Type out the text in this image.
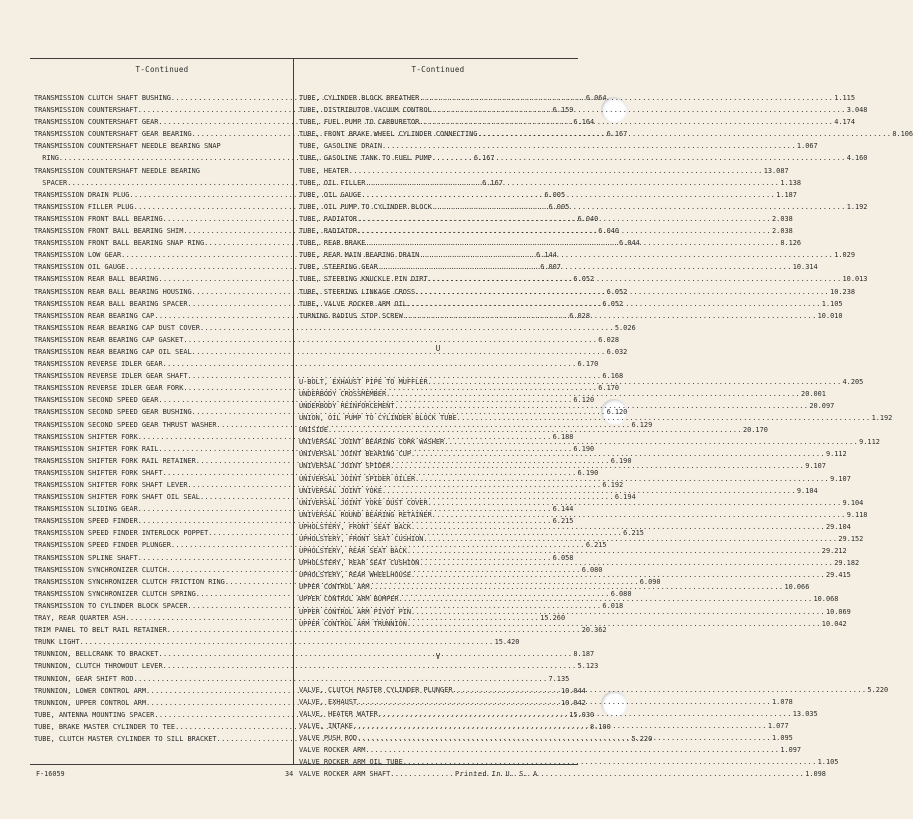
T-Continued
TRANSMISSION CLUTCH SHAFT BUSHING .....	6.064
TRANSMISSION COUNTERSHAFT .....	6.159
TRANSMISSION COUNTERSHAFT GEAR .....	6.164
TRANSMISSION COUNTERSHAFT GEAR BEARING .....	6.167
TRANSMISSION COUNTERSHAFT NEEDLE BEARING SNAP
RING .....	6.167
TRANSMISSION COUNTERSHAFT NEEDLE BEARING
SPACER .....	6.167
TRANSMISSION DRAIN PLUG .....	6.005
TRANSMISSION FILLER PLUG .....	6.005
TRANSMISSION FRONT BALL BEARING .....	6.040
TRANSMISSION FRONT BALL BEARING SHIM .....	6.040
TRANSMISSION FRONT BALL BEARING SNAP RING .....	6.044
TRANSMISSION LOW GEAR .....	6.144
TRANSMISSION OIL GAUGE .....	6.007
TRANSMISSION REAR BALL BEARING .....	6.052
TRANSMISSION REAR BALL BEARING HOUSING .....	6.052
TRANSMISSION REAR BALL BEARING SPACER .....	6.052
TRANSMISSION REAR BEARING CAP .....	6.028
TRANSMISSION REAR BEARING CAP DUST COVER .....	5.026
TRANSMISSION REAR BEARING CAP GASKET .....	6.028
TRANSMISSION REAR BEARING CAP OIL SEAL .....	6.032
TRANSMISSION REVERSE IDLER GEAR .....	6.170
TRANSMISSION REVERSE IDLER GEAR SHAFT .....	6.168
TRANSMISSION REVERSE IDLER GEAR FORK .....	6.170
TRANSMISSION SECOND SPEED GEAR .....	6.120
TRANSMISSION SECOND SPEED GEAR BUSHING .....	6.120
TRANSMISSION SECOND SPEED GEAR THRUST WASHER .....	6.129
TRANSMISSION SHIFTER FORK .....	6.188
TRANSMISSION SHIFTER FORK RAIL .....	6.190
TRANSMISSION SHIFTER FORK RAIL RETAINER .....	6.190
TRANSMISSION SHIFTER FORK SHAFT .....	6.190
TRANSMISSION SHIFTER FORK SHAFT LEVER .....	6.192
TRANSMISSION SHIFTER FORK SHAFT OIL SEAL .....	6.194
TRANSMISSION SLIDING GEAR .....	6.144
TRANSMISSION SPEED FINDER .....	6.215
TRANSMISSION SPEED FINDER INTERLOCK POPPET .....	6.215
TRANSMISSION SPEED FINDER PLUNGER .....	6.215
TRANSMISSION SPLINE SHAFT .....	6.058
TRANSMISSION SYNCHRONIZER CLUTCH .....	6.080
TRANSMISSION SYNCHRONIZER CLUTCH FRICTION RING .....	6.090
TRANSMISSION SYNCHRONIZER CLUTCH SPRING .....	6.080
TRANSMISSION TO CYLINDER BLOCK SPACER .....	6.018
TRAY, REAR QUARTER ASH .....	15.260
TRIM PANEL TO BELT RAIL RETAINER .....	20.362
TRUNK LIGHT .....	15.420
TRUNNION, BELLCRANK TO BRACKET .....	8.187
TRUNNION, CLUTCH THROWOUT LEVER .....	5.123
TRUNNION, GEAR SHIFT ROD .....	7.135
TRUNNION, LOWER CONTROL ARM .....	10.044
TRUNNION, UPPER CONTROL ARM .....	10.042
TUBE, ANTENNA MOUNTING SPACER .....	15.030
TUBE, BRAKE MASTER CYLINDER TO TEE .....	8.100
TUBE, CLUTCH MASTER CYLINDER TO SILL BRACKET .....	5.220
T-Continued
TUBE, CYLINDER BLOCK BREATHER .....	1.115
TUBE, DISTRIBUTOR VACUUM CONTROL .....	3.048
TUBE, FUEL PUMP TO CARBURETOR .....	4.174
TUBE, FRONT BRAKE WHEEL CYLINDER CONNECTING .....	8.106
TUBE, GASOLINE DRAIN .....	1.067
TUBE, GASOLINE TANK TO FUEL PUMP .....	4.160
TUBE, HEATER .....	13.087
TUBE, OIL FILLER .....	1.138
TUBE, OIL GAUGE .....	1.187
TUBE, OIL PUMP TO CYLINDER BLOCK .....	1.192
TUBE, RADIATOR .....	2.038
TUBE, RADIATOR .....	2.038
TUBE, REAR BRAKE .....	8.126
TUBE, REAR MAIN BEARING DRAIN .....	1.029
TUBE, STEERING GEAR .....	10.314
TUBE, STEERING KNUCKLE PIN DIRT .....	10.013
TUBE, STEERING LINKAGE CROSS .....	10.238
TUBE, VALVE ROCKER ARM OIL .....	1.105
TURNING RADIUS STOP SCREW .....	10.010
U
U-BOLT, EXHAUST PIPE TO MUFFLER .....	4.205
UNDERBODY CROSSMEMBER .....	20.001
UNDERBODY REINFORCEMENT .....	20.097
UNION, OIL PUMP TO CYLINDER BLOCK TUBE .....	1.192
UNISIDE .....	20.170
UNIVERSAL JOINT BEARING CORK WASHER .....	9.112
UNIVERSAL JOINT BEARING CUP .....	9.112
UNIVERSAL JOINT SPIDER .....	9.107
UNIVERSAL JOINT SPIDER OILER .....	9.107
UNIVERSAL JOINT YOKE .....	9.104
UNIVERSAL JOINT YOKE DUST COVER .....	9.104
UNIVERSAL ROUND BEARING RETAINER .....	9.118
UPHOLSTERY, FRONT SEAT BACK .....	29.104
UPHOLSTERY, FRONT SEAT CUSHION .....	29.152
UPHOLSTERY, REAR SEAT BACK .....	29.212
UPHOLSTERY, REAR SEAT CUSHION .....	29.182
UPHOLSTERY, REAR WHEELHOUSE .....	29.415
UPPER CONTROL ARM .....	10.066
UPPER CONTROL ARM BUMPER .....	10.068
UPPER CONTROL ARM PIVOT PIN .....	10.069
UPPER CONTROL ARM TRUNNION .....	10.042
V
VALVE, CLUTCH MASTER CYLINDER PLUNGER .....	5.220
VALVE, EXHAUST .....	1.078
VALVE, HEATER WATER .....	13.035
VALVE, INTAKE .....	1.077
VALVE PUSH ROD .....	1.095
VALVE ROCKER ARM .....	1.097
VALVE ROCKER ARM OIL TUBE .....	1.105
VALVE ROCKER ARM SHAFT .....	1.098
F-16059	34	Printed In U. S. A
